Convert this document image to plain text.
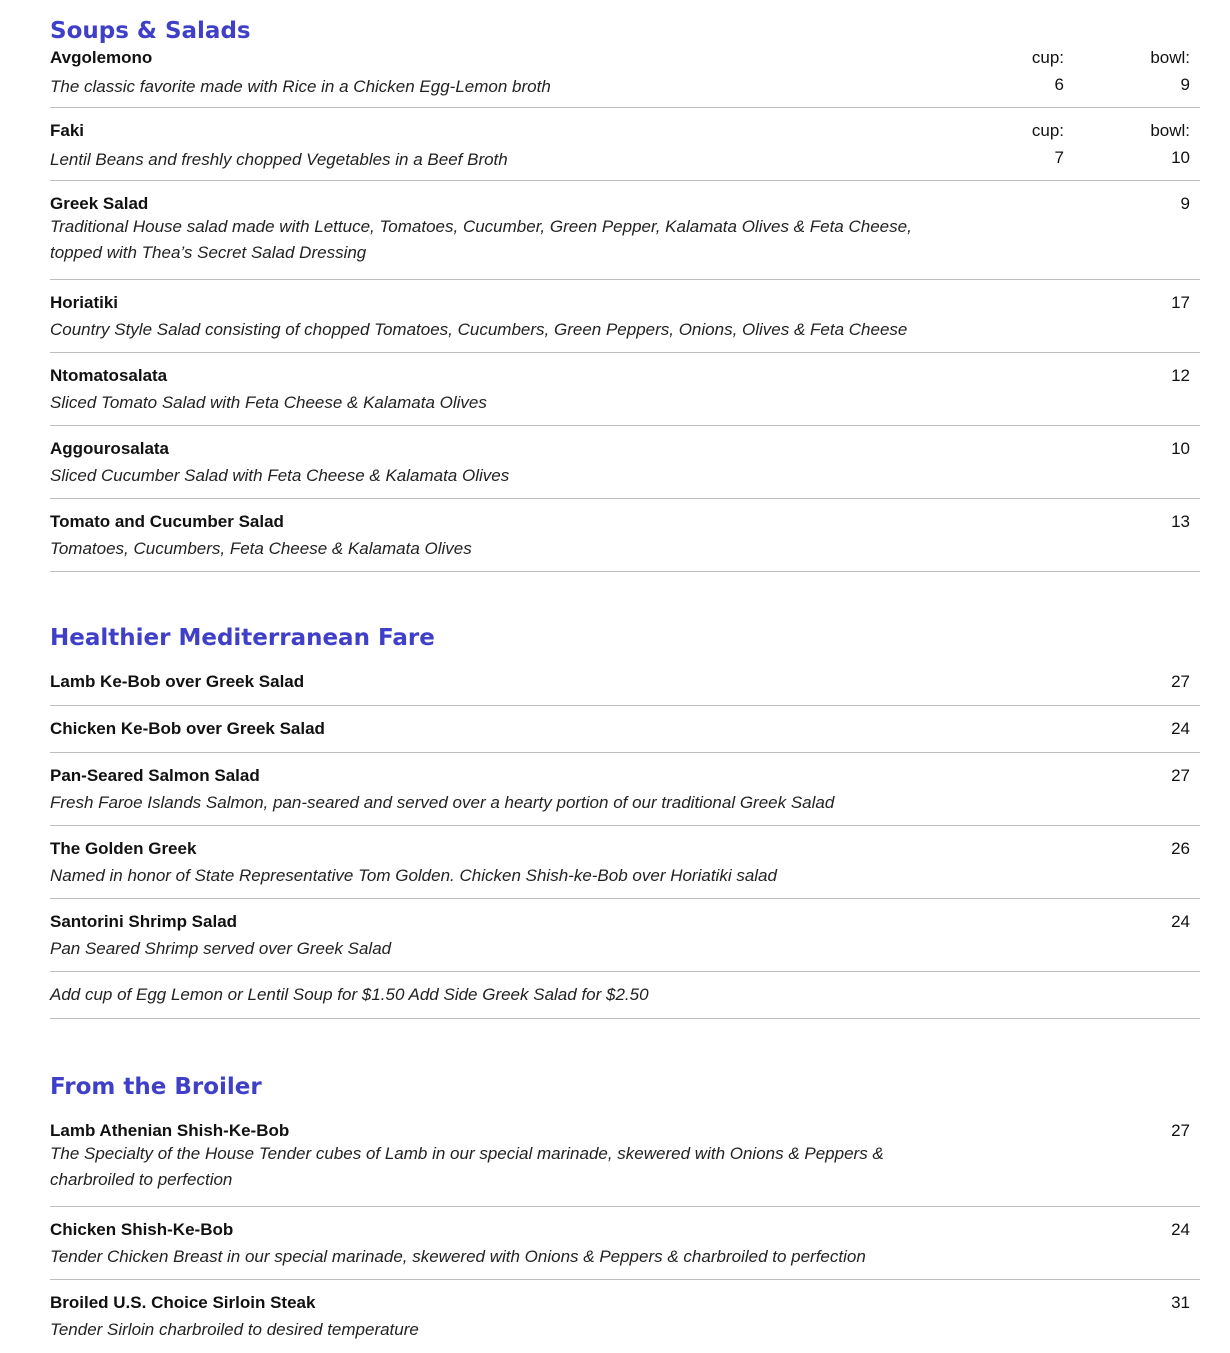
Soups & Salads
Avgolemono
The classic favorite made with Rice in a Chicken Egg-Lemon broth
cup:
6
bowl:
9
Faki
Lentil Beans and freshly chopped Vegetables in a Beef Broth
cup:
7
bowl:
10
Greek Salad
Traditional House salad made with Lettuce, Tomatoes, Cucumber, Green Pepper, Kalamata Olives & Feta Cheese, topped with Thea’s Secret Salad Dressing
9
Horiatiki
Country Style Salad consisting of chopped Tomatoes, Cucumbers, Green Peppers, Onions, Olives & Feta Cheese
17
Ntomatosalata
Sliced Tomato Salad with Feta Cheese & Kalamata Olives
12
Aggourosalata
Sliced Cucumber Salad with Feta Cheese & Kalamata Olives
10
Tomato and Cucumber Salad
Tomatoes, Cucumbers, Feta Cheese & Kalamata Olives
13
Healthier Mediterranean Fare
Lamb Ke-Bob over Greek Salad	27
Chicken Ke-Bob over Greek Salad	24
Pan-Seared Salmon Salad
Fresh Faroe Islands Salmon, pan-seared and served over a hearty portion of our traditional Greek Salad
27
The Golden Greek
Named in honor of State Representative Tom Golden. Chicken Shish-ke-Bob over Horiatiki salad
26
Santorini Shrimp Salad
Pan Seared Shrimp served over Greek Salad
24
Add cup of Egg Lemon or Lentil Soup for $1.50 Add Side Greek Salad for $2.50
From the Broiler
Lamb Athenian Shish-Ke-Bob
The Specialty of the House Tender cubes of Lamb in our special marinade, skewered with Onions & Peppers & charbroiled to perfection
27
Chicken Shish-Ke-Bob
Tender Chicken Breast in our special marinade, skewered with Onions & Peppers & charbroiled to perfection
24
Broiled U.S. Choice Sirloin Steak
Tender Sirloin charbroiled to desired temperature
31
